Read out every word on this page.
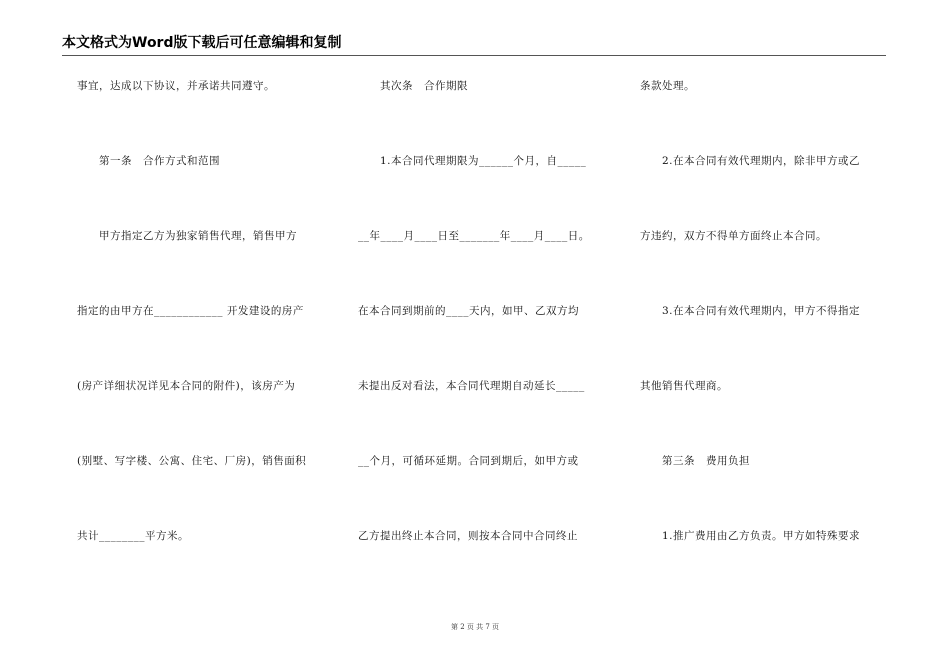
本文格式为Word版下载后可任意编辑和复制
事宜，达成以下协议，并承诺共同遵守。
　　第一条　合作方式和范围
　　甲方指定乙方为独家销售代理，销售甲方
指定的由甲方在____________ 开发建设的房产
(房产详细状况详见本合同的附件)，该房产为
(别墅、写字楼、公寓、住宅、厂房)，销售面积
共计________平方米。
　　其次条　合作期限
　　1.本合同代理期限为______个月，自_____
__年____月____日至_______年____月____日。
在本合同到期前的____天内，如甲、乙双方均
未提出反对看法，本合同代理期自动延长_____
__个月，可循环延期。合同到期后，如甲方或
乙方提出终止本合同，则按本合同中合同终止
条款处理。
　　2.在本合同有效代理期内，除非甲方或乙
方违约，双方不得单方面终止本合同。
　　3.在本合同有效代理期内，甲方不得指定
其他销售代理商。
　　第三条　费用负担
　　1.推广费用由乙方负责。甲方如特殊要求
第 2 页 共 7 页
